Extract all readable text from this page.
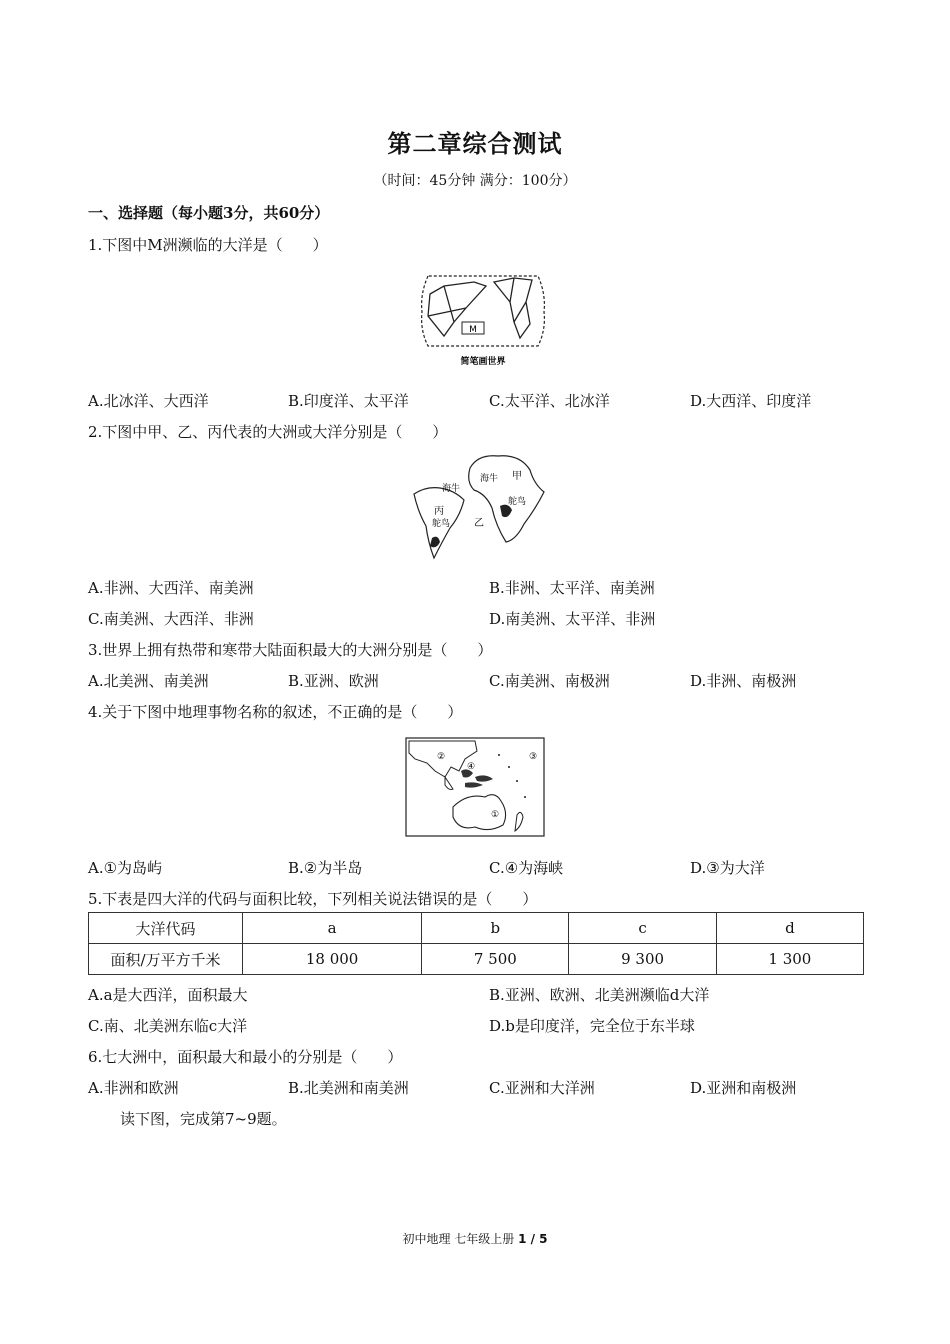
第二章综合测试
（时间：45分钟 满分：100分）
一、选择题（每小题3分，共60分）
1.下图中M洲濒临的大洋是（　　）
M
简笔画世界
A.北冰洋、大西洋	B.印度洋、太平洋	C.太平洋、北冰洋	D.大西洋、印度洋
2.下图中甲、乙、丙代表的大洲或大洋分别是（　　）
海牛
海牛
甲
鸵鸟
丙
鸵鸟 乙
A.非洲、大西洋、南美洲	B.非洲、太平洋、南美洲
C.南美洲、大西洋、非洲	D.南美洲、太平洋、非洲
3.世界上拥有热带和寒带大陆面积最大的大洲分别是（　　）
A.北美洲、南美洲	B.亚洲、欧洲	C.南美洲、南极洲	D.非洲、南极洲
4.关于下图中地理事物名称的叙述，不正确的是（　　）
①
②	③
④
A.①为岛屿	B.②为半岛	C.④为海峡	D.③为大洋
5.下表是四大洋的代码与面积比较，下列相关说法错误的是（　　）
大洋代码	a	b	c	d
面积/万平方千米	18 000	7 500	9 300	1 300
A.a是大西洋，面积最大	B.亚洲、欧洲、北美洲濒临d大洋
C.南、北美洲东临c大洋	D.b是印度洋，完全位于东半球
6.七大洲中，面积最大和最小的分别是（　　）
A.非洲和欧洲	B.北美洲和南美洲	C.亚洲和大洋洲	D.亚洲和南极洲
读下图，完成第7~9题。
初中地理 七年级上册 1 / 5
